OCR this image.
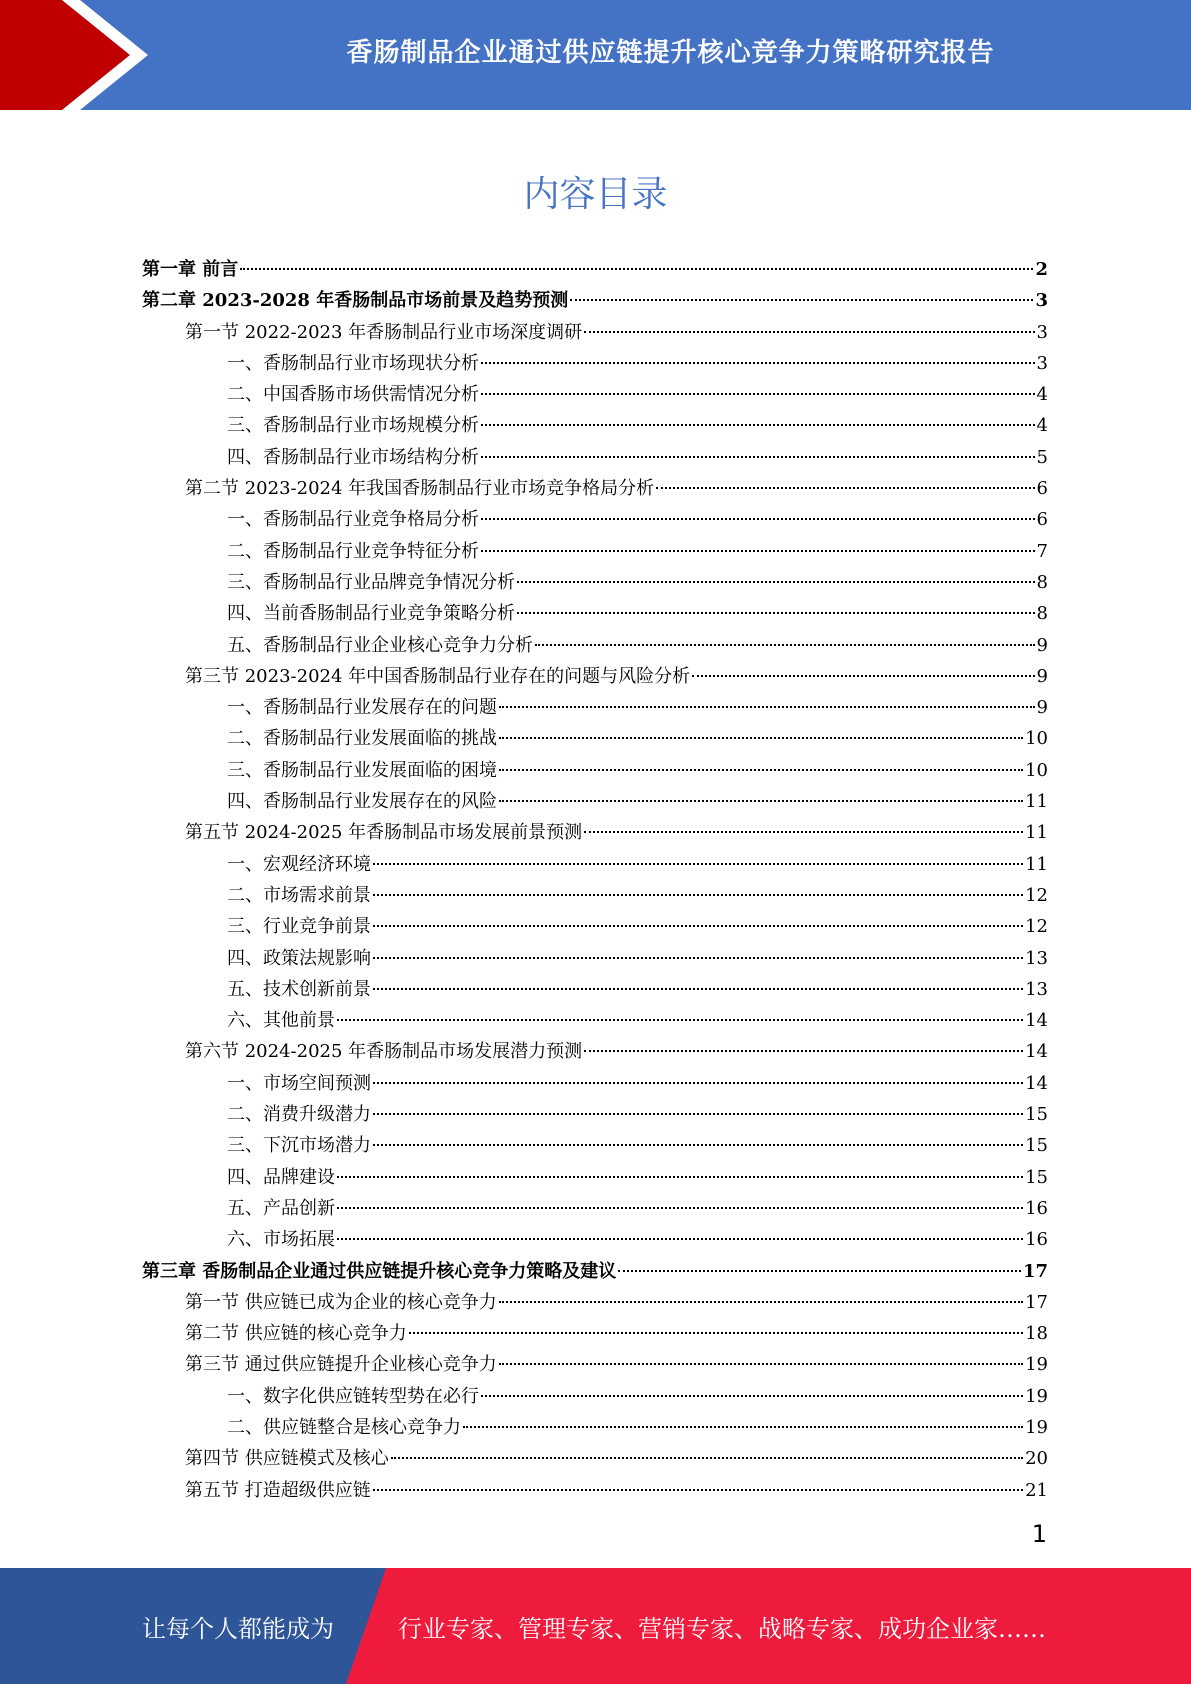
香肠制品企业通过供应链提升核心竞争力策略研究报告
内容目录
第一章 前言	2
第二章 2023-2028 年香肠制品市场前景及趋势预测	3
第一节 2022-2023 年香肠制品行业市场深度调研	3
一、香肠制品行业市场现状分析	3
二、中国香肠市场供需情况分析	4
三、香肠制品行业市场规模分析	4
四、香肠制品行业市场结构分析	5
第二节 2023-2024 年我国香肠制品行业市场竞争格局分析	6
一、香肠制品行业竞争格局分析	6
二、香肠制品行业竞争特征分析	7
三、香肠制品行业品牌竞争情况分析	8
四、当前香肠制品行业竞争策略分析	8
五、香肠制品行业企业核心竞争力分析	9
第三节 2023-2024 年中国香肠制品行业存在的问题与风险分析	9
一、香肠制品行业发展存在的问题	9
二、香肠制品行业发展面临的挑战	10
三、香肠制品行业发展面临的困境	10
四、香肠制品行业发展存在的风险	11
第五节 2024-2025 年香肠制品市场发展前景预测	11
一、宏观经济环境	11
二、市场需求前景	12
三、行业竞争前景	12
四、政策法规影响	13
五、技术创新前景	13
六、其他前景	14
第六节 2024-2025 年香肠制品市场发展潜力预测	14
一、市场空间预测	14
二、消费升级潜力	15
三、下沉市场潜力	15
四、品牌建设	15
五、产品创新	16
六、市场拓展	16
第三章 香肠制品企业通过供应链提升核心竞争力策略及建议	17
第一节 供应链已成为企业的核心竞争力	17
第二节 供应链的核心竞争力	18
第三节 通过供应链提升企业核心竞争力	19
一、数字化供应链转型势在必行	19
二、供应链整合是核心竞争力	19
第四节 供应链模式及核心	20
第五节 打造超级供应链	21
1
让每个人都能成为	行业专家、管理专家、营销专家、战略专家、成功企业家……
